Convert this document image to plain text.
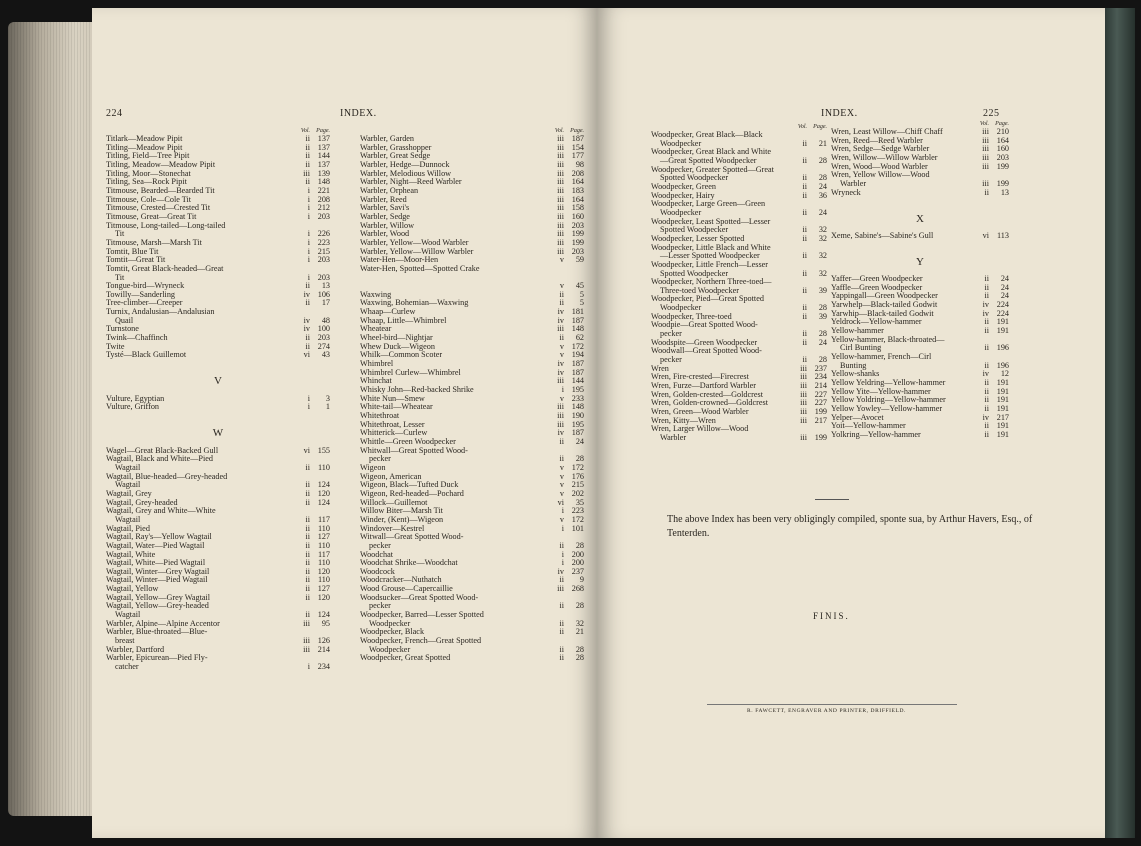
224	INDEX.
Vol.	Page.
Titlark—Meadow Pipit	ii 137
Titling—Meadow Pipit	ii 137
Titling, Field—Tree Pipit	ii 144
Titling, Meadow—Meadow Pipit	ii 137
Titling, Moor—Stonechat	iii 139
Titling, Sea—Rock Pipit	ii 148
Titmouse, Bearded—Bearded Tit	i 221
Titmouse, Cole—Cole Tit	i 208
Titmouse, Crested—Crested Tit	i 212
Titmouse, Great—Great Tit	i 203
Titmouse, Long-tailed—Long-tailed
Tit	i 226
Titmouse, Marsh—Marsh Tit	i 223
Tomtit, Blue Tit	i 215
Tomtit—Great Tit	i 203
Tomtit, Great Black-headed—Great
Tit	i 203
Tongue-bird—Wryneck	ii	13
Towilly—Sanderling	iv 106
Tree-climber—Creeper	ii	17
Turnix, Andalusian—Andalusian
Quail	iv	48
Turnstone	iv 100
Twink—Chaffinch	ii 203
Twite	ii 274
Tysté—Black Guillemot	vi	43

V

Vulture, Egyptian	i	3
Vulture, Griffon	i	1

W

Wagel—Great Black-Backed Gull	vi 155
Wagtail, Black and White—Pied
Wagtail	ii 110
Wagtail, Blue-headed—Grey-headed
Wagtail	ii 124
Wagtail, Grey	ii 120
Wagtail, Grey-headed	ii 124
Wagtail, Grey and White—White
Wagtail	ii 117
Wagtail, Pied	ii 110
Wagtail, Ray's—Yellow Wagtail	ii 127
Wagtail, Water—Pied Wagtail	ii 110
Wagtail, White	ii 117
Wagtail, White—Pied Wagtail	ii 110
Wagtail, Winter—Grey Wagtail	ii 120
Wagtail, Winter—Pied Wagtail	ii 110
Wagtail, Yellow	ii 127
Wagtail, Yellow—Grey Wagtail	ii 120
Wagtail, Yellow—Grey-headed
Wagtail	ii 124
Warbler, Alpine—Alpine Accentor	iii	95
Warbler, Blue-throated—Blue-
breast	iii 126
Warbler, Dartford	iii 214
Warbler, Epicurean—Pied Fly-
catcher	i 234
Vol.	Page.
Warbler, Garden	iii 187
Warbler, Grasshopper	iii 154
Warbler, Great Sedge	iii 177
Warbler, Hedge—Dunnock	iii	98
Warbler, Melodious Willow	iii 208
Warbler, Night—Reed Warbler	iii 164
Warbler, Orphean	iii 183
Warbler, Reed	iii 164
Warbler, Savi's	iii 158
Warbler, Sedge	iii 160
Warbler, Willow	iii 203
Warbler, Wood	iii 199
Warbler, Yellow—Wood Warbler	iii 199
Warbler, Yellow—Willow Warbler	iii 203
Water-Hen—Moor-Hen	v	59
Water-Hen, Spotted—Spotted Crake

v	45
Waxwing	ii	5
Waxwing, Bohemian—Waxwing	ii	5
Whaap—Curlew	iv 181
Whaap, Little—Whimbrel	iv 187
Wheatear	iii 148
Wheel-bird—Nightjar	ii	62
Whew Duck—Wigeon	v 172
Whilk—Common Scoter	v 194
Whimbrel	iv 187
Whimbrel Curlew—Whimbrel	iv 187
Whinchat	iii 144
Whisky John—Red-backed Shrike	i 195
White Nun—Smew	v 233
White-tail—Wheatear	iii 148
Whitethroat	iii 190
Whitethroat, Lesser	iii 195
Whitterick—Curlew	iv 187
Whittle—Green Woodpecker	ii	24
Whitwall—Great Spotted Wood-
pecker	ii	28
Wigeon	v 172
Wigeon, American	v 176
Wigeon, Black—Tufted Duck	v 215
Wigeon, Red-headed—Pochard	v 202
Willock—Guillemot	vi	35
Willow Biter—Marsh Tit	i 223
Winder, (Kent)—Wigeon	v 172
Windover—Kestrel	i 101
Witwall—Great Spotted Wood-
pecker	ii	28
Woodchat	i 200
Woodchat Shrike—Woodchat	i 200
Woodcock	iv 237
Woodcracker—Nuthatch	ii	9
Wood Grouse—Capercaillie	iii 268
Woodsucker—Great Spotted Wood-
pecker	ii	28
Woodpecker, Barred—Lesser Spotted
Woodpecker	ii	32
Woodpecker, Black	ii	21
Woodpecker, French—Great Spotted
Woodpecker	ii	28
Woodpecker, Great Spotted	ii	28
INDEX.	225
Vol.	Page.
Woodpecker, Great Black—Black
Woodpecker	ii	21
Woodpecker, Great Black and White
—Great Spotted Woodpecker	ii	28
Woodpecker, Greater Spotted—Great
Spotted Woodpecker	ii	28
Woodpecker, Green	ii	24
Woodpecker, Hairy	ii	36
Woodpecker, Large Green—Green
Woodpecker	ii	24
Woodpecker, Least Spotted—Lesser
Spotted Woodpecker	ii	32
Woodpecker, Lesser Spotted	ii	32
Woodpecker, Little Black and White
—Lesser Spotted Woodpecker	ii	32
Woodpecker, Little French—Lesser
Spotted Woodpecker	ii	32
Woodpecker, Northern Three-toed—
Three-toed Woodpecker	ii	39
Woodpecker, Pied—Great Spotted
Woodpecker	ii	28
Woodpecker, Three-toed	ii	39
Woodpie—Great Spotted Wood-
pecker	ii	28
Woodspite—Green Woodpecker	ii	24
Woodwall—Great Spotted Wood-
pecker	ii	28
Wren	iii 237
Wren, Fire-crested—Firecrest	iii 234
Wren, Furze—Dartford Warbler	iii 214
Wren, Golden-crested—Goldcrest	iii 227
Wren, Golden-crowned—Goldcrest	iii 227
Wren, Green—Wood Warbler	iii 199
Wren, Kitty—Wren	iii 217
Wren, Larger Willow—Wood
Warbler	iii 199
Vol.	Page.
Wren, Least Willow—Chiff Chaff	iii 210
Wren, Reed—Reed Warbler	iii 164
Wren, Sedge—Sedge Warbler	iii 160
Wren, Willow—Willow Warbler	iii 203
Wren, Wood—Wood Warbler	iii 199
Wren, Yellow Willow—Wood
Warbler	iii 199
Wryneck	ii	13

X

Xeme, Sabine's—Sabine's Gull	vi 113

Y

Yaffer—Green Woodpecker	ii	24
Yaffle—Green Woodpecker	ii	24
Yappingall—Green Woodpecker	ii	24
Yarwhelp—Black-tailed Godwit	iv 224
Yarwhip—Black-tailed Godwit	iv 224
Yeldrock—Yellow-hammer	ii 191
Yellow-hammer	ii 191
Yellow-hammer, Black-throated—
Cirl Bunting	ii 196
Yellow-hammer, French—Cirl
Bunting	ii 196
Yellow-shanks	iv	12
Yellow Yeldring—Yellow-hammer	ii 191
Yellow Yite—Yellow-hammer	ii 191
Yellow Yoldring—Yellow-hammer	ii 191
Yellow Yowley—Yellow-hammer	ii 191
Yelper—Avocet	iv 217
Yoit—Yellow-hammer	ii 191
Yolkring—Yellow-hammer	ii 191
The above Index has been very obligingly compiled, sponte sua, by Arthur Havers, Esq., of Tenterden.
FINIS.
R. FAWCETT, ENGRAVER AND PRINTER, DRIFFIELD.
